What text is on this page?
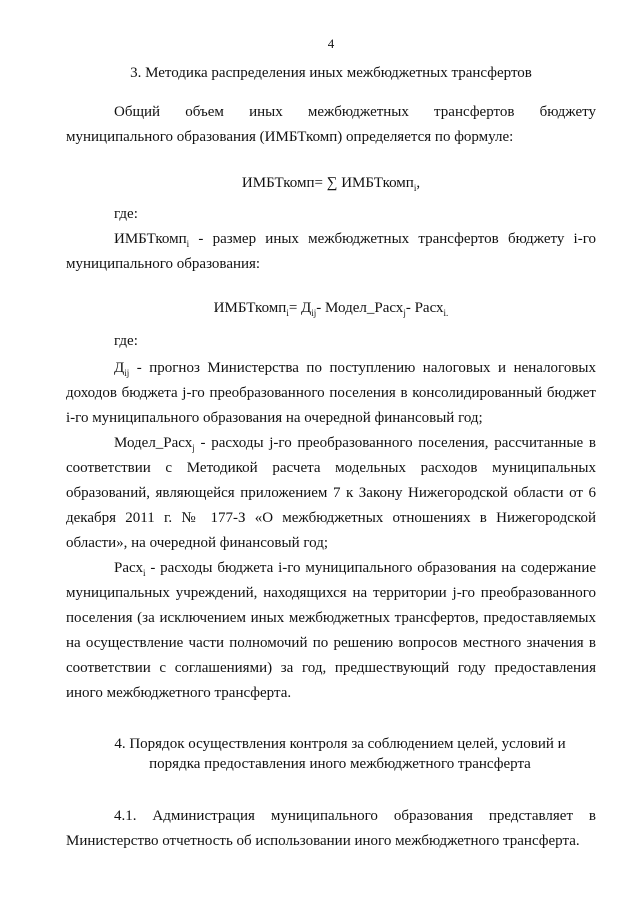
4
3. Методика распределения иных межбюджетных трансфертов

Общий объем иных межбюджетных трансфертов бюджету муниципального образования (ИМБТкомп) определяется по формуле:

ИМБТкомп= ∑ ИМБТкомп$_i$,

где:

ИМБТкомп$_i$ - размер иных межбюджетных трансфертов бюджету i-го муниципального образования:

ИМБТкомп$_i$= $Д_{ij}-$ Модел_Расх$_j$- Расх$_{i.}$

где:

$Д_{ij}$ - прогноз Министерства по поступлению налоговых и неналоговых доходов бюджета j-го преобразованного поселения в консолидированный бюджет i-го муниципального образования на очередной финансовый год;

Модел_Расх$_j$ - расходы j-го преобразованного поселения, рассчитанные в соответствии с Методикой расчета модельных расходов муниципальных образований, являющейся приложением 7 к Закону Нижегородской области от 6 декабря 2011 г. № 177-З «О межбюджетных отношениях в Нижегородской области», на очередной финансовый год;

Расх$_i$ - расходы бюджета i-го муниципального образования на содержание муниципальных учреждений, находящихся на территории j-го преобразованного поселения (за исключением иных межбюджетных трансфертов, предоставляемых на осуществление части полномочий по решению вопросов местного значения в соответствии с соглашениями) за год, предшествующий году предоставления иного межбюджетного трансферта.

4. Порядок осуществления контроля за соблюдением целей, условий и
порядка предоставления иного межбюджетного трансферта

4.1. Администрация муниципального образования представляет в Министерство отчетность об использовании иного межбюджетного трансферта.
